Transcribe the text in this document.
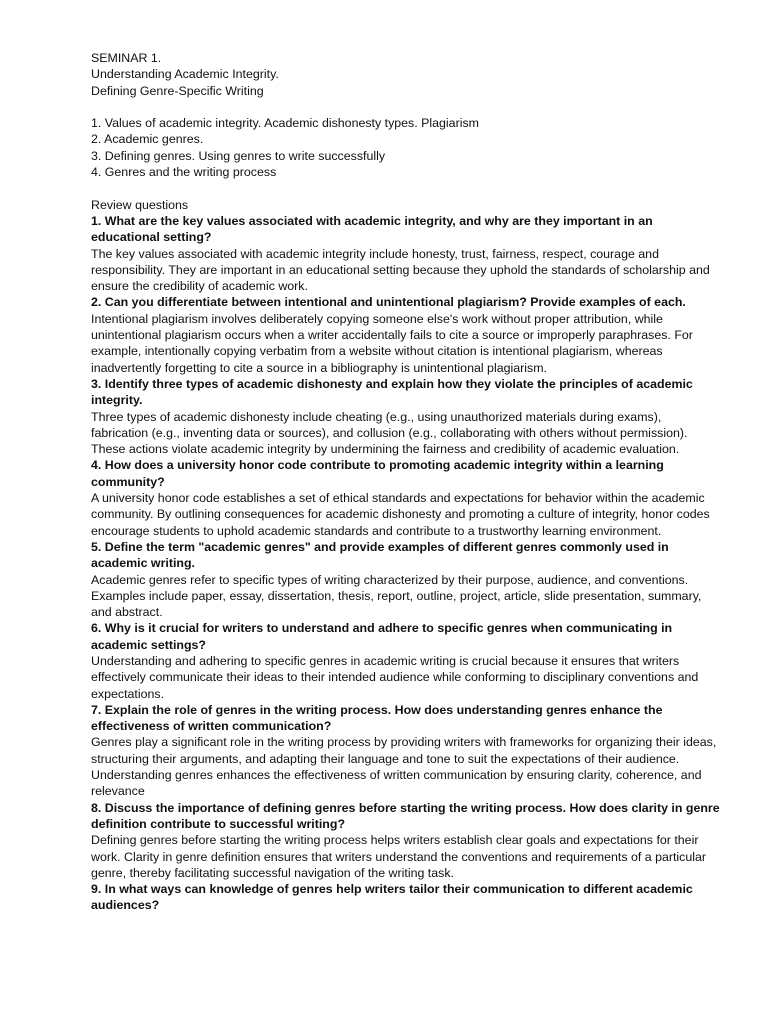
SEMINAR 1.
Understanding Academic Integrity.
Defining Genre-Specific Writing
1. Values of academic integrity. Academic dishonesty types. Plagiarism
2. Academic genres.
3. Defining genres. Using genres to write successfully
4. Genres and the writing process
Review questions
1. What are the key values associated with academic integrity, and why are they important in an educational setting?
The key values associated with academic integrity include honesty, trust, fairness, respect, courage and responsibility. They are important in an educational setting because they uphold the standards of scholarship and ensure the credibility of academic work.
2. Can you differentiate between intentional and unintentional plagiarism? Provide examples of each.
Intentional plagiarism involves deliberately copying someone else's work without proper attribution, while unintentional plagiarism occurs when a writer accidentally fails to cite a source or improperly paraphrases. For example, intentionally copying verbatim from a website without citation is intentional plagiarism, whereas inadvertently forgetting to cite a source in a bibliography is unintentional plagiarism.
3. Identify three types of academic dishonesty and explain how they violate the principles of academic integrity.
Three types of academic dishonesty include cheating (e.g., using unauthorized materials during exams), fabrication (e.g., inventing data or sources), and collusion (e.g., collaborating with others without permission). These actions violate academic integrity by undermining the fairness and credibility of academic evaluation.
4. How does a university honor code contribute to promoting academic integrity within a learning community?
A university honor code establishes a set of ethical standards and expectations for behavior within the academic community. By outlining consequences for academic dishonesty and promoting a culture of integrity, honor codes encourage students to uphold academic standards and contribute to a trustworthy learning environment.
5. Define the term "academic genres" and provide examples of different genres commonly used in academic writing.
Academic genres refer to specific types of writing characterized by their purpose, audience, and conventions. Examples include paper, essay, dissertation, thesis, report, outline, project, article, slide presentation, summary, and abstract.
6. Why is it crucial for writers to understand and adhere to specific genres when communicating in academic settings?
Understanding and adhering to specific genres in academic writing is crucial because it ensures that writers effectively communicate their ideas to their intended audience while conforming to disciplinary conventions and expectations.
7. Explain the role of genres in the writing process. How does understanding genres enhance the effectiveness of written communication?
Genres play a significant role in the writing process by providing writers with frameworks for organizing their ideas, structuring their arguments, and adapting their language and tone to suit the expectations of their audience. Understanding genres enhances the effectiveness of written communication by ensuring clarity, coherence, and relevance
8. Discuss the importance of defining genres before starting the writing process. How does clarity in genre definition contribute to successful writing?
Defining genres before starting the writing process helps writers establish clear goals and expectations for their work. Clarity in genre definition ensures that writers understand the conventions and requirements of a particular genre, thereby facilitating successful navigation of the writing task.
9. In what ways can knowledge of genres help writers tailor their communication to different academic audiences?
